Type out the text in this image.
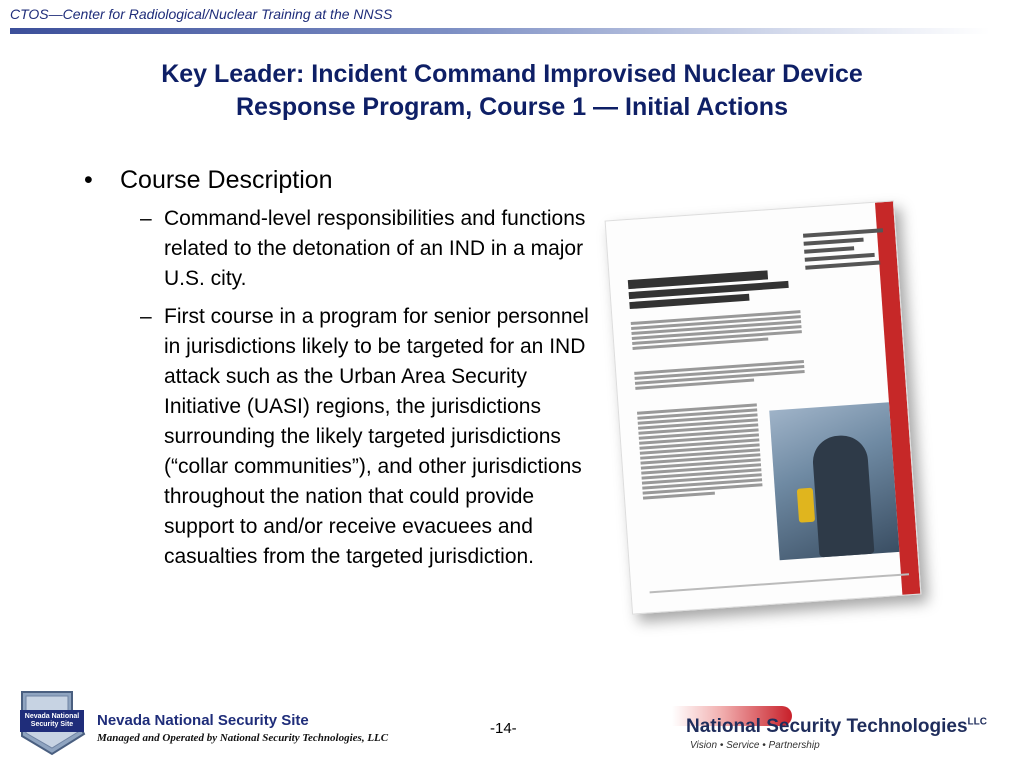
CTOS—Center for Radiological/Nuclear Training at the NNSS
Key Leader: Incident Command Improvised Nuclear Device
Response Program, Course 1 — Initial Actions
• Course Description
– Command-level responsibilities and functions related to the detonation of an IND in a major U.S. city.
– First course in a program for senior personnel in jurisdictions likely to be targeted for an IND attack such as the Urban Area Security Initiative (UASI) regions, the jurisdictions surrounding the likely targeted jurisdictions (“collar communities”), and other jurisdictions throughout the nation that could provide support to and/or receive evacuees and casualties from the targeted jurisdiction.
Nevada National
Security Site	Nevada National Security Site
Managed and Operated by National Security Technologies, LLC
-14-	National Security Technologies$^{LLC}$
Vision • Service • Partnership
